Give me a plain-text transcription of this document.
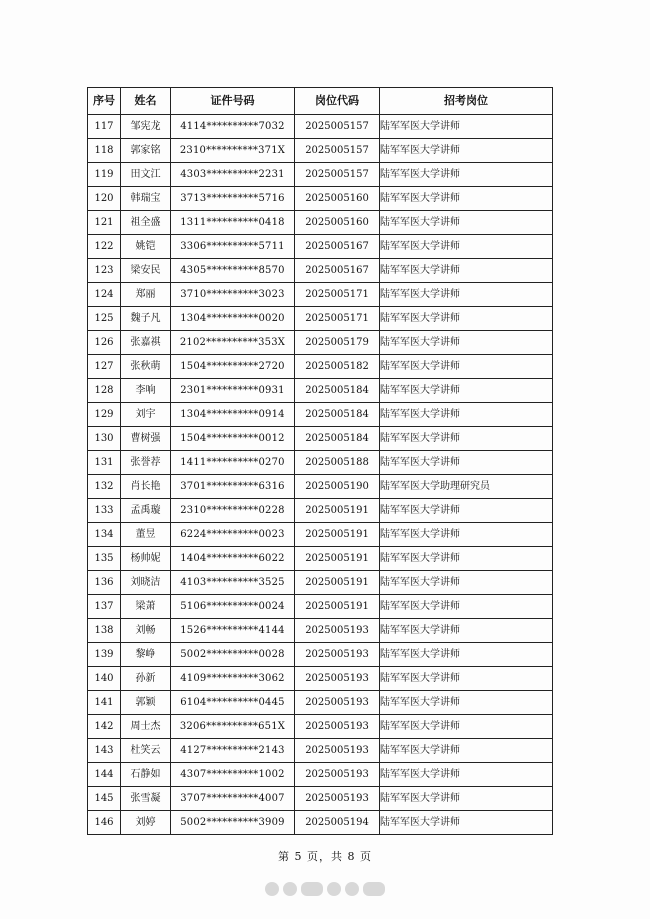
序号	姓名	证件号码	岗位代码	招考岗位
117	邹宪龙	4114**********7032	2025005157	陆军军医大学讲师
118	郭家铭	2310**********371X	2025005157	陆军军医大学讲师
119	田文江	4303**********2231	2025005157	陆军军医大学讲师
120	韩瑞宝	3713**********5716	2025005160	陆军军医大学讲师
121	祖全盛	1311**********0418	2025005160	陆军军医大学讲师
122	姚铠	3306**********5711	2025005167	陆军军医大学讲师
123	梁安民	4305**********8570	2025005167	陆军军医大学讲师
124	郑丽	3710**********3023	2025005171	陆军军医大学讲师
125	魏子凡	1304**********0020	2025005171	陆军军医大学讲师
126	张嘉祺	2102**********353X	2025005179	陆军军医大学讲师
127	张秋萌	1504**********2720	2025005182	陆军军医大学讲师
128	李响	2301**********0931	2025005184	陆军军医大学讲师
129	刘宇	1304**********0914	2025005184	陆军军医大学讲师
130	曹树强	1504**********0012	2025005184	陆军军医大学讲师
131	张誉荐	1411**********0270	2025005188	陆军军医大学讲师
132	肖长艳	3701**********6316	2025005190	陆军军医大学助理研究员
133	孟禹璇	2310**********0228	2025005191	陆军军医大学讲师
134	董昱	6224**********0023	2025005191	陆军军医大学讲师
135	杨帅妮	1404**********6022	2025005191	陆军军医大学讲师
136	刘晓洁	4103**********3525	2025005191	陆军军医大学讲师
137	梁萧	5106**********0024	2025005191	陆军军医大学讲师
138	刘畅	1526**********4144	2025005193	陆军军医大学讲师
139	黎峥	5002**********0028	2025005193	陆军军医大学讲师
140	孙新	4109**********3062	2025005193	陆军军医大学讲师
141	郭颖	6104**********0445	2025005193	陆军军医大学讲师
142	周士杰	3206**********651X	2025005193	陆军军医大学讲师
143	杜笑云	4127**********2143	2025005193	陆军军医大学讲师
144	石静如	4307**********1002	2025005193	陆军军医大学讲师
145	张雪凝	3707**********4007	2025005193	陆军军医大学讲师
146	刘婷	5002**********3909	2025005194	陆军军医大学讲师
第 5 页，共 8 页
